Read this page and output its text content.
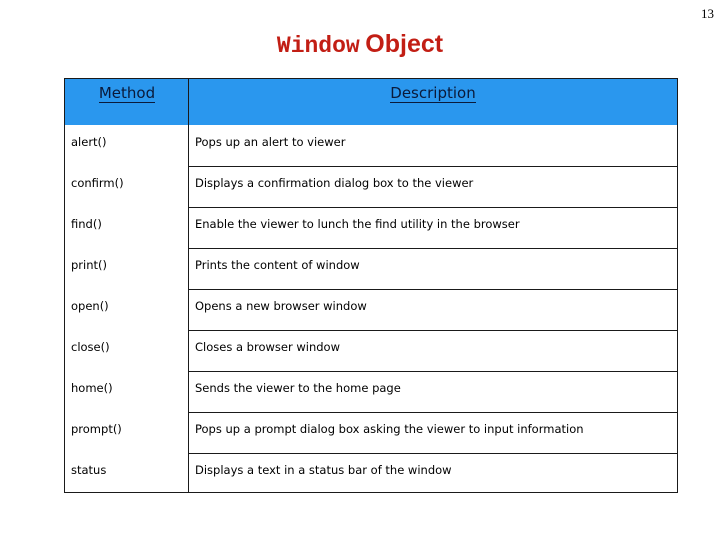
13
Window Object
Method	Description
alert()	Pops up an alert to viewer
confirm()	Displays a confirmation dialog box to the viewer
find()	Enable the viewer to lunch the find utility in the browser
print()	Prints the content of window
open()	Opens a new browser window
close()	Closes a browser window
home()	Sends the viewer to the home page
prompt()	Pops up a prompt dialog box asking the viewer to input information
status	Displays a text in a status bar of the window
